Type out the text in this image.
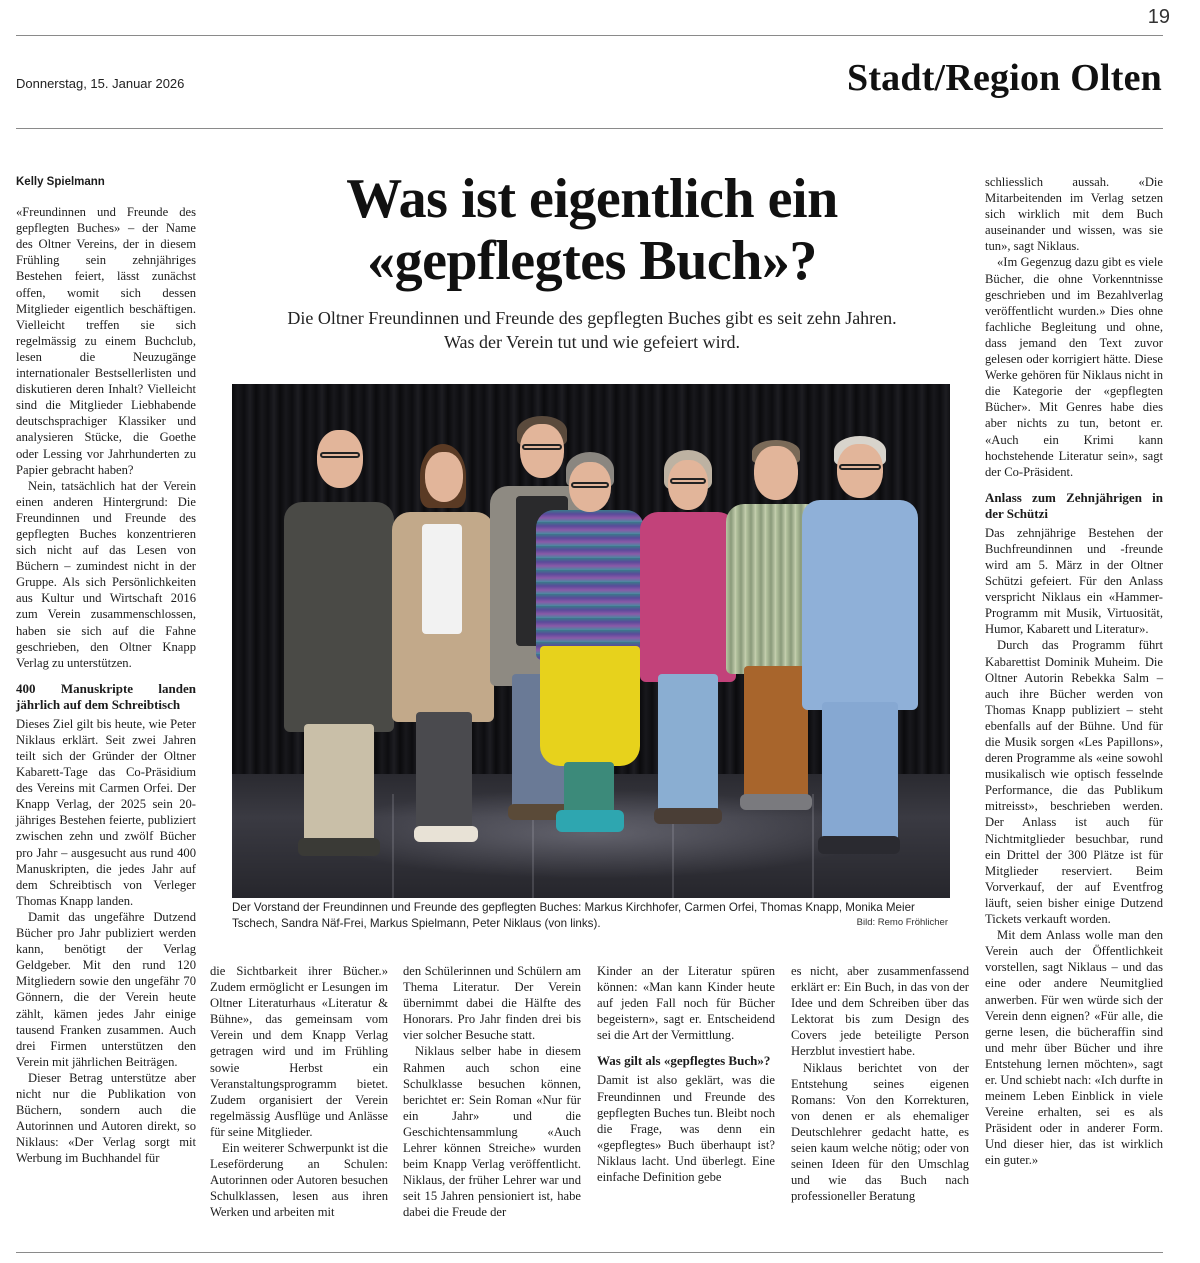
19
Donnerstag, 15. Januar 2026	Stadt/Region Olten
Kelly Spielmann

«Freundinnen und Freunde des gepflegten Buches» – der Name des Oltner Vereins, der in diesem Frühling sein zehnjähriges Bestehen feiert, lässt zunächst offen, womit sich dessen Mitglieder eigentlich beschäftigen. Vielleicht treffen sie sich regelmässig zu einem Buchclub, lesen die Neuzugänge internationaler Bestsellerlisten und diskutieren deren Inhalt? Vielleicht sind die Mitglieder Liebhabende deutschsprachiger Klassiker und analysieren Stücke, die Goethe oder Lessing vor Jahrhunderten zu Papier gebracht haben?

Nein, tatsächlich hat der Verein einen anderen Hintergrund: Die Freundinnen und Freunde des gepflegten Buches konzentrieren sich nicht auf das Lesen von Büchern – zumindest nicht in der Gruppe. Als sich Persönlichkeiten aus Kultur und Wirtschaft 2016 zum Verein zusammenschlossen, haben sie sich auf die Fahne geschrieben, den Oltner Knapp Verlag zu unterstützen.

400 Manuskripte landen jährlich auf dem Schreibtisch

Dieses Ziel gilt bis heute, wie Peter Niklaus erklärt. Seit zwei Jahren teilt sich der Gründer der Oltner Kabarett-Tage das Co-Präsidium des Vereins mit Carmen Orfei. Der Knapp Verlag, der 2025 sein 20-jähriges Bestehen feierte, publiziert zwischen zehn und zwölf Bücher pro Jahr – ausgesucht aus rund 400 Manuskripten, die jedes Jahr auf dem Schreibtisch von Verleger Thomas Knapp landen.

Damit das ungefähre Dutzend Bücher pro Jahr publiziert werden kann, benötigt der Verlag Geldgeber. Mit den rund 120 Mitgliedern sowie den ungefähr 70 Gönnern, die der Verein heute zählt, kämen jedes Jahr einige tausend Franken zusammen. Auch drei Firmen unterstützen den Verein mit jährlichen Beiträgen.

Dieser Betrag unterstütze aber nicht nur die Publikation von Büchern, sondern auch die Autorinnen und Autoren direkt, so Niklaus: «Der Verlag sorgt mit Werbung im Buchhandel für

Was ist eigentlich ein
«gepflegtes Buch»?
Die Oltner Freundinnen und Freunde des gepflegten Buches gibt es seit zehn Jahren.
Was der Verein tut und wie gefeiert wird.
Der Vorstand der Freundinnen und Freunde des gepflegten Buches: Markus Kirchhofer, Carmen Orfei, Thomas Knapp, Monika Meier Tschech, Sandra Näf-Frei, Markus Spielmann, Peter Niklaus (von links).	Bild: Remo Fröhlicher

die Sichtbarkeit ihrer Bücher.» Zudem ermöglicht er Lesungen im Oltner Literaturhaus «Literatur & Bühne», das gemeinsam vom Verein und dem Knapp Verlag getragen wird und im Frühling sowie Herbst ein Veranstaltungsprogramm bietet. Zudem organisiert der Verein regelmässig Ausflüge und Anlässe für seine Mitglieder.

Ein weiterer Schwerpunkt ist die Leseförderung an Schulen: Autorinnen oder Autoren besuchen Schulklassen, lesen aus ihren Werken und arbeiten mit

den Schülerinnen und Schülern am Thema Literatur. Der Verein übernimmt dabei die Hälfte des Honorars. Pro Jahr finden drei bis vier solcher Besuche statt.

Niklaus selber habe in diesem Rahmen auch schon eine Schulklasse besuchen können, berichtet er: Sein Roman «Nur für ein Jahr» und die Geschichtensammlung «Auch Lehrer können Streiche» wurden beim Knapp Verlag veröffentlicht. Niklaus, der früher Lehrer war und seit 15 Jahren pensioniert ist, habe dabei die Freude der

Kinder an der Literatur spüren können: «Man kann Kinder heute auf jeden Fall noch für Bücher begeistern», sagt er. Entscheidend sei die Art der Vermittlung.

Was gilt als «gepflegtes Buch»?

Damit ist also geklärt, was die Freundinnen und Freunde des gepflegten Buches tun. Bleibt noch die Frage, was denn ein «gepflegtes» Buch überhaupt ist? Niklaus lacht. Und überlegt. Eine einfache Definition gebe

es nicht, aber zusammenfassend erklärt er: Ein Buch, in das von der Idee und dem Schreiben über das Lektorat bis zum Design des Covers jede beteiligte Person Herzblut investiert habe.

Niklaus berichtet von der Entstehung seines eigenen Romans: Von den Korrekturen, von denen er als ehemaliger Deutschlehrer gedacht hatte, es seien kaum welche nötig; oder von seinen Ideen für den Umschlag und wie das Buch nach professioneller Beratung

schliesslich aussah. «Die Mitarbeitenden im Verlag setzen sich wirklich mit dem Buch auseinander und wissen, was sie tun», sagt Niklaus.

«Im Gegenzug dazu gibt es viele Bücher, die ohne Vorkenntnisse geschrieben und im Bezahlverlag veröffentlicht wurden.» Dies ohne fachliche Begleitung und ohne, dass jemand den Text zuvor gelesen oder korrigiert hätte. Diese Werke gehören für Niklaus nicht in die Kategorie der «gepflegten Bücher». Mit Genres habe dies aber nichts zu tun, betont er. «Auch ein Krimi kann hochstehende Literatur sein», sagt der Co-Präsident.

Anlass zum Zehnjährigen in der Schützi

Das zehnjährige Bestehen der Buchfreundinnen und -freunde wird am 5. März in der Oltner Schützi gefeiert. Für den Anlass verspricht Niklaus ein «Hammer-Programm mit Musik, Virtuosität, Humor, Kabarett und Literatur».

Durch das Programm führt Kabarettist Dominik Muheim. Die Oltner Autorin Rebekka Salm – auch ihre Bücher werden von Thomas Knapp publiziert – steht ebenfalls auf der Bühne. Und für die Musik sorgen «Les Papillons», deren Programme als «eine sowohl musikalisch wie optisch fesselnde Performance, die das Publikum mitreisst», beschrieben werden. Der Anlass ist auch für Nichtmitglieder besuchbar, rund ein Drittel der 300 Plätze ist für Mitglieder reserviert. Beim Vorverkauf, der auf Eventfrog läuft, seien bisher einige Dutzend Tickets verkauft worden.

Mit dem Anlass wolle man den Verein auch der Öffentlichkeit vorstellen, sagt Niklaus – und das eine oder andere Neumitglied anwerben. Für wen würde sich der Verein denn eignen? «Für alle, die gerne lesen, die bücheraffin sind und mehr über Bücher und ihre Entstehung lernen möchten», sagt er. Und schiebt nach: «Ich durfte in meinem Leben Einblick in viele Vereine erhalten, sei es als Präsident oder in anderer Form. Und dieser hier, das ist wirklich ein guter.»
